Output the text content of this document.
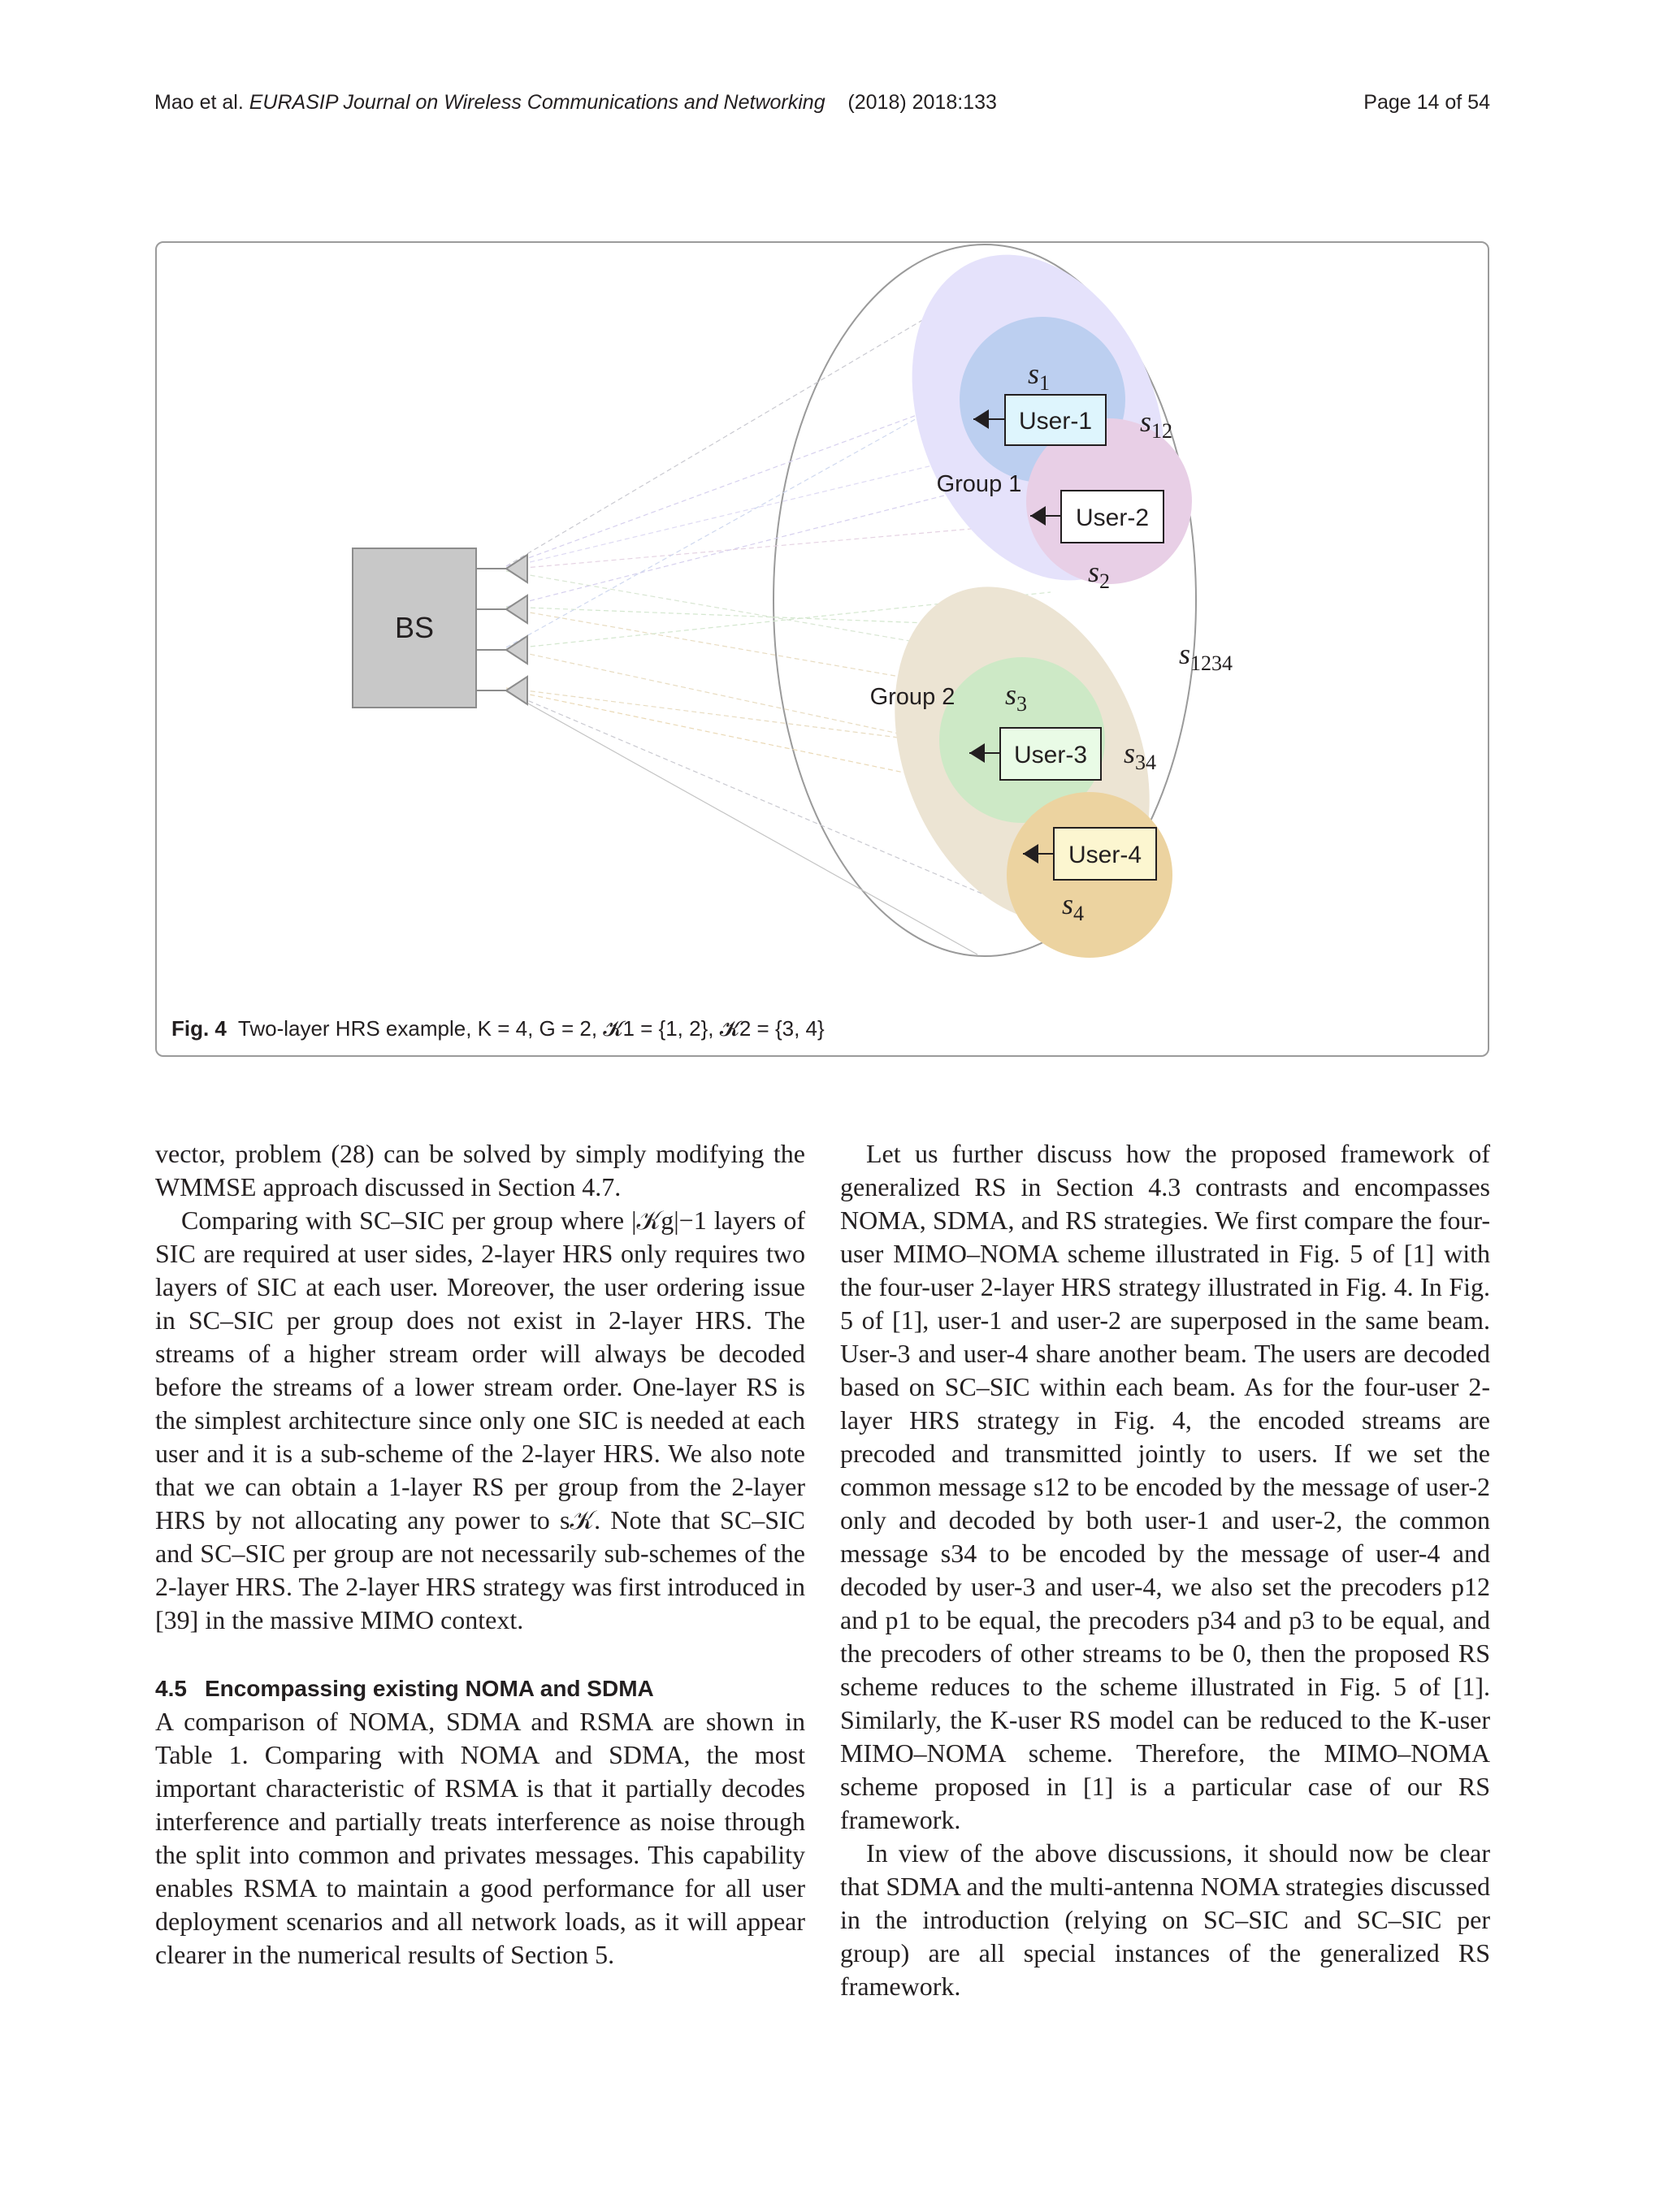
Mao et al. EURASIP Journal on Wireless Communications and Networking (2018) 2018:133	Page 14 of 54
BS
User-1
User-2
User-3
User-4
Group 1
Group 2
$s_1$
$s_{12}$
$s_2$
$s_{1234}$
$s_3$
$s_{34}$
$s_4$
Fig. 4 Two-layer HRS example, K = 4, G = 2, 𝓚1 = {1, 2}, 𝓚2 = {3, 4}

vector, problem (28) can be solved by simply modifying the WMMSE approach discussed in Section 4.7.

Comparing with SC–SIC per group where |𝒦g|−1 layers of SIC are required at user sides, 2-layer HRS only requires two layers of SIC at each user. Moreover, the user ordering issue in SC–SIC per group does not exist in 2-layer HRS. The streams of a higher stream order will always be decoded before the streams of a lower stream order. One-layer RS is the simplest architecture since only one SIC is needed at each user and it is a sub-scheme of the 2-layer HRS. We also note that we can obtain a 1-layer RS per group from the 2-layer HRS by not allocating any power to s𝒦. Note that SC–SIC and SC–SIC per group are not necessarily sub-schemes of the 2-layer HRS. The 2-layer HRS strategy was first introduced in [39] in the massive MIMO context.

4.5 Encompassing existing NOMA and SDMA

A comparison of NOMA, SDMA and RSMA are shown in Table 1. Comparing with NOMA and SDMA, the most important characteristic of RSMA is that it partially decodes interference and partially treats interference as noise through the split into common and privates messages. This capability enables RSMA to maintain a good performance for all user deployment scenarios and all network loads, as it will appear clearer in the numerical results of Section 5.

Let us further discuss how the proposed framework of generalized RS in Section 4.3 contrasts and encompasses NOMA, SDMA, and RS strategies. We first compare the four-user MIMO–NOMA scheme illustrated in Fig. 5 of [1] with the four-user 2-layer HRS strategy illustrated in Fig. 4. In Fig. 5 of [1], user-1 and user-2 are superposed in the same beam. User-3 and user-4 share another beam. The users are decoded based on SC–SIC within each beam. As for the four-user 2-layer HRS strategy in Fig. 4, the encoded streams are precoded and transmitted jointly to users. If we set the common message s12 to be encoded by the message of user-2 only and decoded by both user-1 and user-2, the common message s34 to be encoded by the message of user-4 and decoded by user-3 and user-4, we also set the precoders p12 and p1 to be equal, the precoders p34 and p3 to be equal, and the precoders of other streams to be 0, then the proposed RS scheme reduces to the scheme illustrated in Fig. 5 of [1]. Similarly, the K-user RS model can be reduced to the K-user MIMO–NOMA scheme. Therefore, the MIMO–NOMA scheme proposed in [1] is a particular case of our RS framework.

In view of the above discussions, it should now be clear that SDMA and the multi-antenna NOMA strategies discussed in the introduction (relying on SC–SIC and SC–SIC per group) are all special instances of the generalized RS framework.
